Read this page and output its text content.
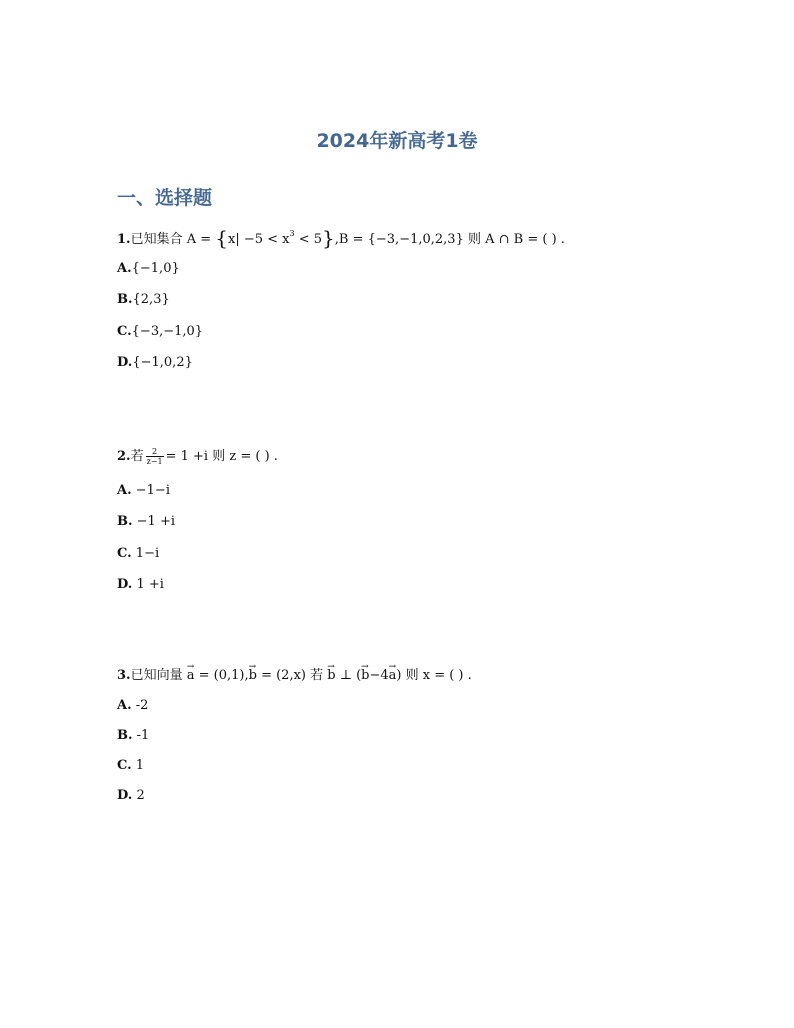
2024年新高考1卷
一、选择题
1.已知集合 $A = \{x| -5 < x^3 < 5\},B = \{-3,-1,0,2,3\}$ 则 A ∩ B = ( ) .
A.{−1,0}
B.{2,3}
C.{−3,−1,0}
D.{−1,0,2}
2.若 $\frac{2}{z-1} = 1 +i$ 则 z = ( ) .
A. −1−i
B. −1 +i
C. 1−i
D. 1 +i
3.已知向量 → a = (0,1),→ b = (2,x) 若 → b ⊥ (→ b−4→ a) 则 x = ( ) .
A. -2
B. -1
C. 1
D. 2
